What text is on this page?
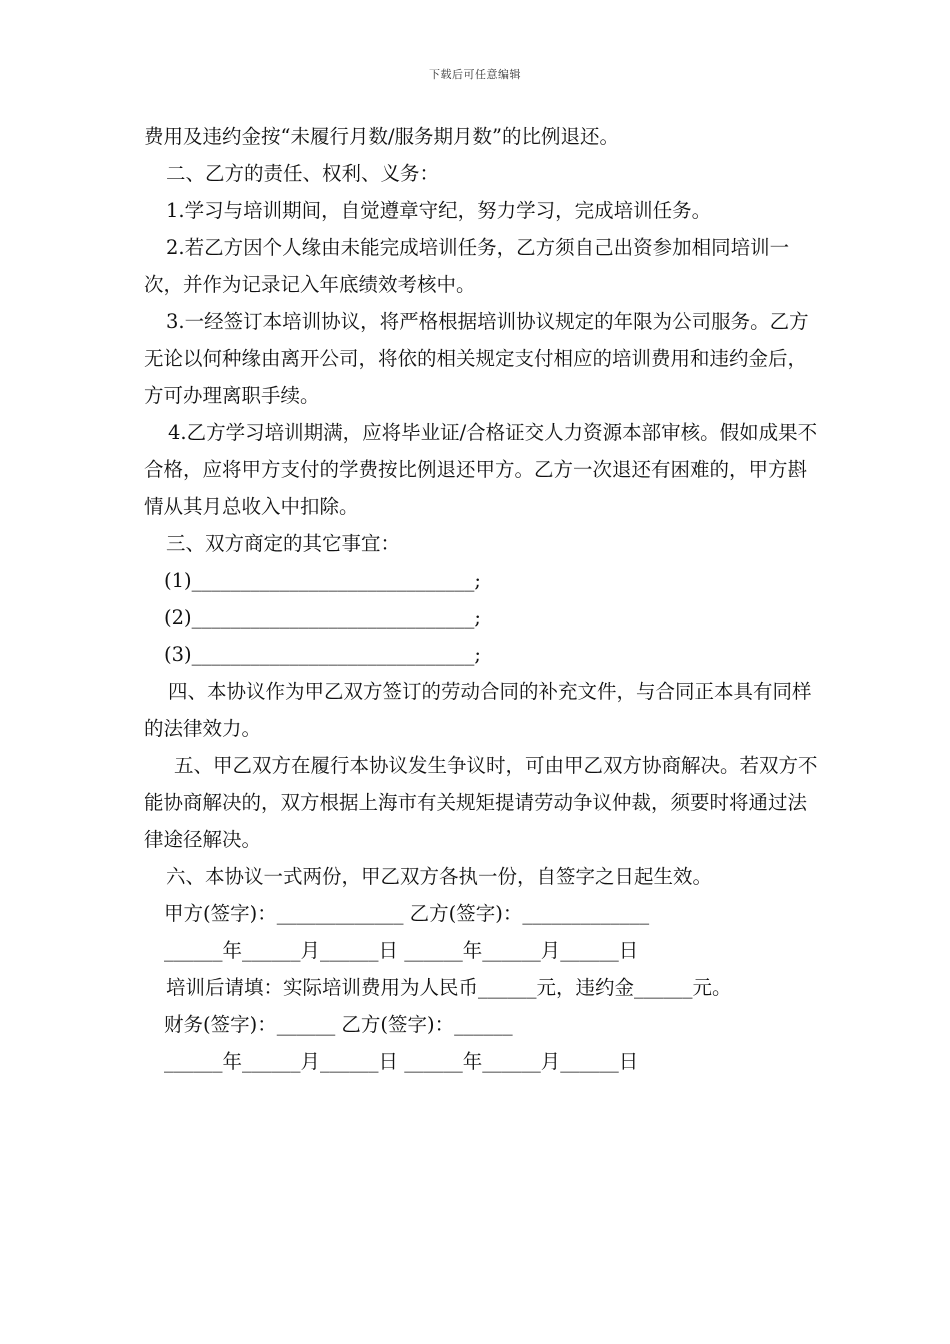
下载后可任意编辑

费用及违约金按“未履行月数/服务期月数”的比例退还。

二、乙方的责任、权利、义务：

1.学习与培训期间，自觉遵章守纪，努力学习，完成培训任务。

2.若乙方因个人缘由未能完成培训任务，乙方须自己出资参加相同培训一次，并作为记录记入年底绩效考核中。

3.一经签订本培训协议，将严格根据培训协议规定的年限为公司服务。乙方无论以何种缘由离开公司，将依的相关规定支付相应的培训费用和违约金后，方可办理离职手续。

4.乙方学习培训期满，应将毕业证/合格证交人力资源本部审核。假如成果不合格，应将甲方支付的学费按比例退还甲方。乙方一次退还有困难的，甲方斟情从其月总收入中扣除。

三、双方商定的其它事宜：

(1)_____________________________;

(2)_____________________________;

(3)_____________________________;

四、本协议作为甲乙双方签订的劳动合同的补充文件，与合同正本具有同样的法律效力。

五、甲乙双方在履行本协议发生争议时，可由甲乙双方协商解决。若双方不能协商解决的，双方根据上海市有关规矩提请劳动争议仲裁，须要时将通过法律途径解决。

六、本协议一式两份，甲乙双方各执一份，自签字之日起生效。

甲方(签字)：_____________ 乙方(签字)：_____________

______年______月______日 ______年______月______日

培训后请填：实际培训费用为人民币______元，违约金______元。

财务(签字)：______ 乙方(签字)：______

______年______月______日 ______年______月______日
